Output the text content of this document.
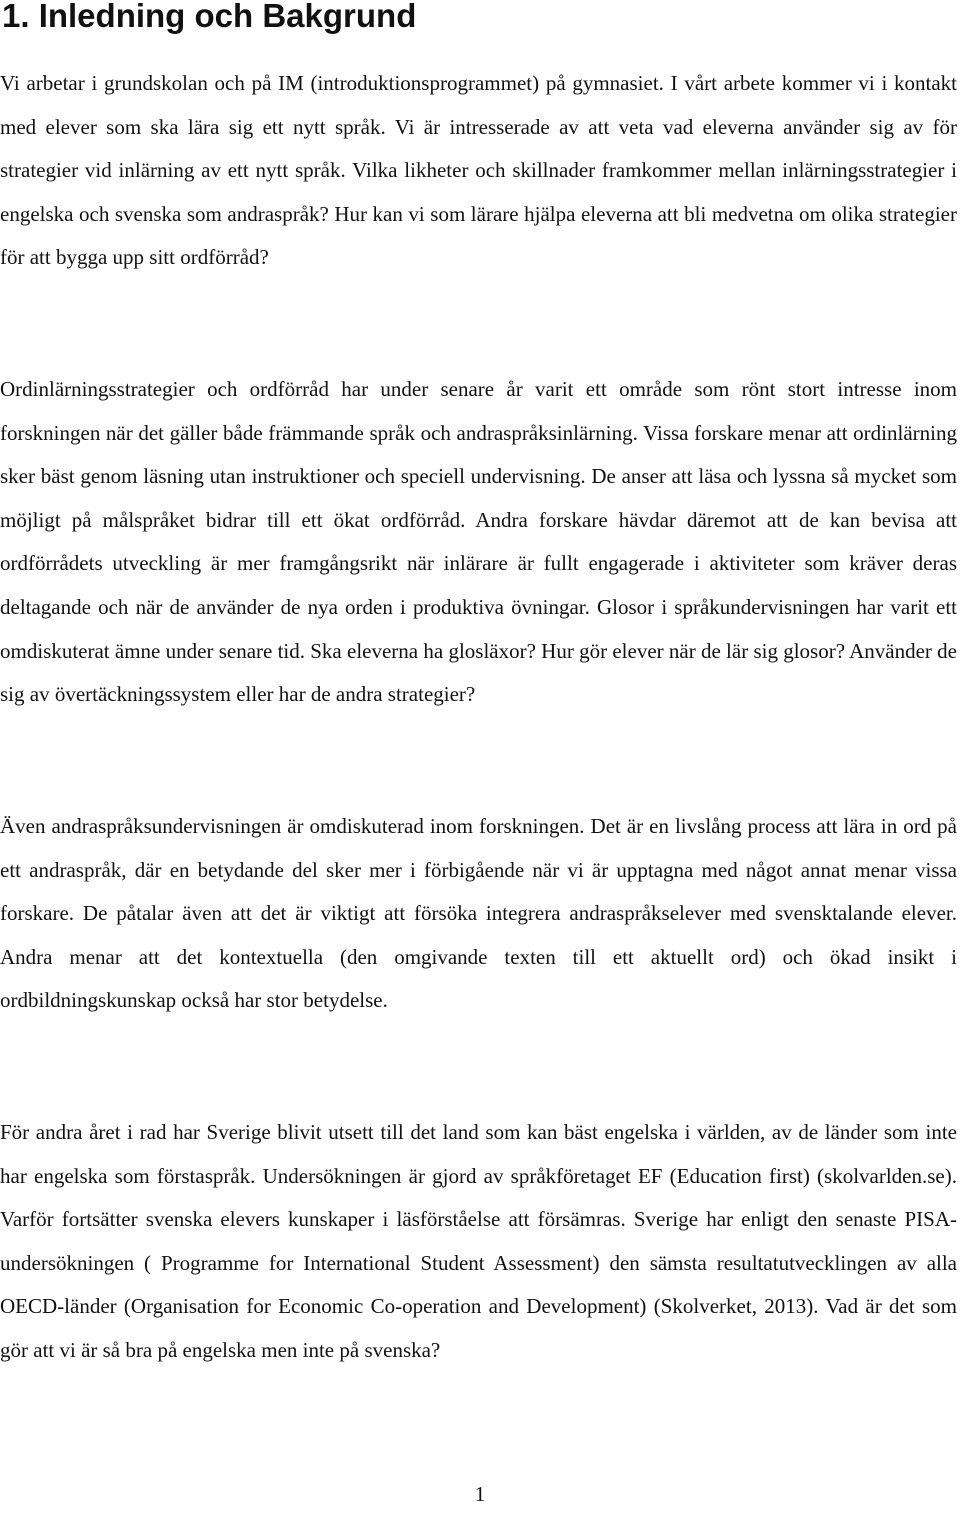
1. Inledning och Bakgrund

Vi arbetar i grundskolan och på IM (introduktionsprogrammet) på gymnasiet. I vårt arbete kommer vi i kontakt med elever som ska lära sig ett nytt språk. Vi är intresserade av att veta vad eleverna använder sig av för strategier vid inlärning av ett nytt språk. Vilka likheter och skillnader framkommer mellan inlärningsstrategier i engelska och svenska som andraspråk? Hur kan vi som lärare hjälpa eleverna att bli medvetna om olika strategier för att bygga upp sitt ordförråd?

Ordinlärningsstrategier och ordförråd har under senare år varit ett område som rönt stort intresse inom forskningen när det gäller både främmande språk och andraspråksinlärning. Vissa forskare menar att ordinlärning sker bäst genom läsning utan instruktioner och speciell undervisning. De anser att läsa och lyssna så mycket som möjligt på målspråket bidrar till ett ökat ordförråd. Andra forskare hävdar däremot att de kan bevisa att ordförrådets utveckling är mer framgångsrikt när inlärare är fullt engagerade i aktiviteter som kräver deras deltagande och när de använder de nya orden i produktiva övningar. Glosor i språkundervisningen har varit ett omdiskuterat ämne under senare tid. Ska eleverna ha glosläxor? Hur gör elever när de lär sig glosor? Använder de sig av övertäckningssystem eller har de andra strategier?

Även andraspråksundervisningen är omdiskuterad inom forskningen. Det är en livslång process att lära in ord på ett andraspråk, där en betydande del sker mer i förbigående när vi är upptagna med något annat menar vissa forskare. De påtalar även att det är viktigt att försöka integrera andraspråkselever med svensktalande elever. Andra menar att det kontextuella (den omgivande texten till ett aktuellt ord) och ökad insikt i ordbildningskunskap också har stor betydelse.

För andra året i rad har Sverige blivit utsett till det land som kan bäst engelska i världen, av de länder som inte har engelska som förstaspråk. Undersökningen är gjord av språkföretaget EF (Education first) (skolvarlden.se). Varför fortsätter svenska elevers kunskaper i läsförståelse att försämras. Sverige har enligt den senaste PISA-undersökningen ( Programme for International Student Assessment) den sämsta resultatutvecklingen av alla OECD-länder (Organisation for Economic Co-operation and Development) (Skolverket, 2013). Vad är det som gör att vi är så bra på engelska men inte på svenska?

1
